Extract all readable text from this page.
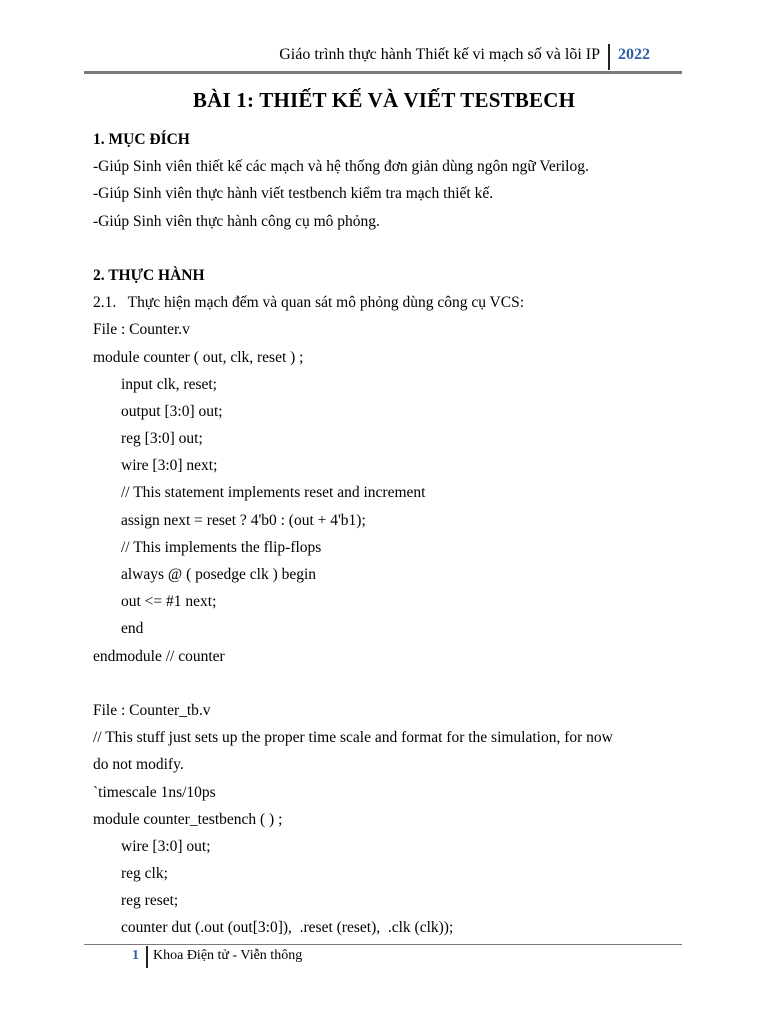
Giáo trình thực hành Thiết kế vi mạch số và lõi IP 2022
BÀI 1: THIẾT KẾ VÀ VIẾT TESTBECH
1. MỤC ĐÍCH
-Giúp Sinh viên thiết kế các mạch và hệ thống đơn giản dùng ngôn ngữ Verilog.
-Giúp Sinh viên thực hành viết testbench kiểm tra mạch thiết kế.
-Giúp Sinh viên thực hành công cụ mô phỏng.
2. THỰC HÀNH
2.1.   Thực hiện mạch đếm và quan sát mô phỏng dùng công cụ VCS:
File : Counter.v
module counter ( out, clk, reset ) ;
input clk, reset;
output [3:0] out;
reg [3:0] out;
wire [3:0] next;
// This statement implements reset and increment
assign next = reset ? 4'b0 : (out + 4'b1);
// This implements the flip-flops
always @ ( posedge clk ) begin
out <= #1 next;
end
endmodule // counter
File : Counter_tb.v
// This stuff just sets up the proper time scale and format for the simulation, for now
do not modify.
`timescale 1ns/10ps
module counter_testbench ( ) ;
wire [3:0] out;
reg clk;
reg reset;
counter dut (.out (out[3:0]),  .reset (reset),  .clk (clk));
1 Khoa Điện tử - Viễn thông
